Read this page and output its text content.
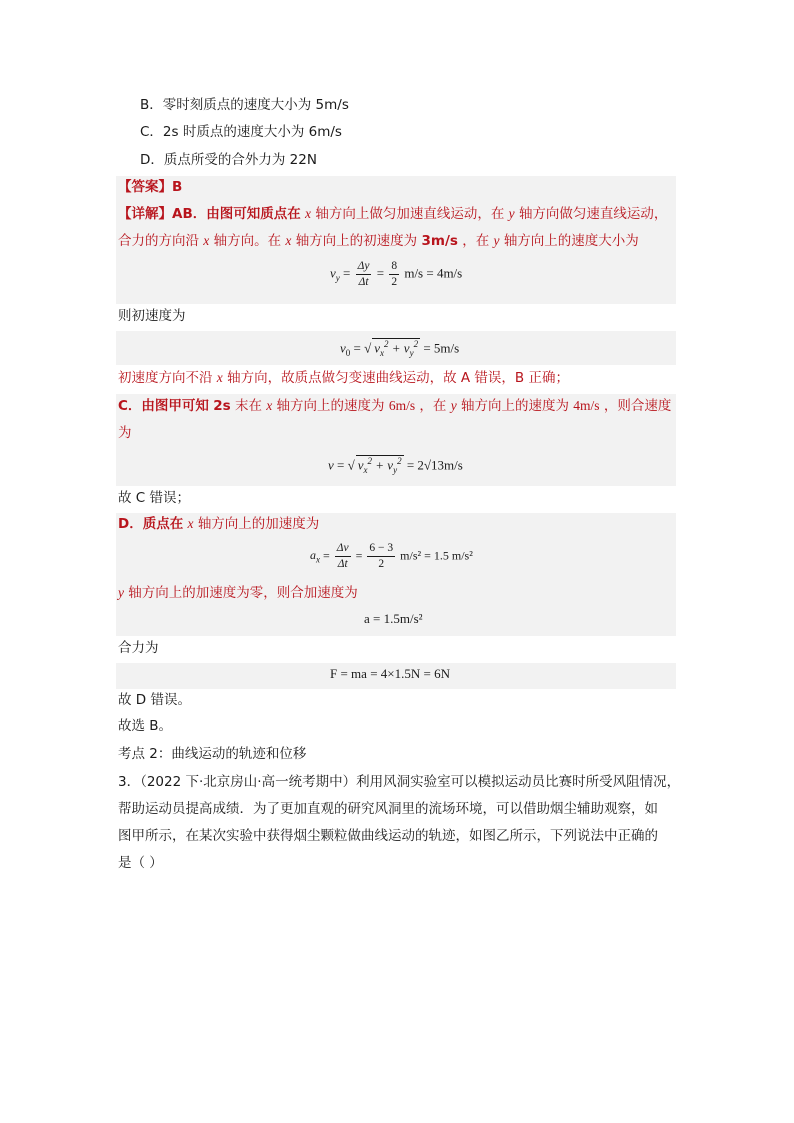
B．零时刻质点的速度大小为 5m/s
C．2s 时质点的速度大小为 6m/s
D．质点所受的合外力为 22N
【答案】B
【详解】AB．由图可知质点在 x 轴方向上做匀加速直线运动，在 y 轴方向做匀速直线运动，
合力的方向沿 x 轴方向。在 x 轴方向上的初速度为 3m/s ，在 y 轴方向上的速度大小为
$v_y = \frac{\Delta y}{\Delta t} = \frac{8}{2} m/s = 4m/s$
则初速度为
$v_0$ = √ $v_x^2 + v_y^2 = 5m/s$
初速度方向不沿 x 轴方向，故质点做匀变速曲线运动，故 A 错误，B 正确；
C．由图甲可知 2s 末在 x 轴方向上的速度为 6m/s ，在 y 轴方向上的速度为 4m/s ，则合速度
为
v = √ $v_x^2 + v_y^2 = 2√13m/s$
故 C 错误；
D．质点在 x 轴方向上的加速度为
$a_x = \frac{\Delta v}{\Delta t} = \frac{6 - 3}{2} m/s^2 = 1.5$ m/s²
y 轴方向上的加速度为零，则合加速度为
a = 1.5m/s²
合力为
F = ma = 4×1.5N = 6N
故 D 错误。
故选 B。
考点 2：曲线运动的轨迹和位移
3．（2022 下·北京房山·高一统考期中）利用风洞实验室可以模拟运动员比赛时所受风阻情况，
帮助运动员提高成绩．为了更加直观的研究风洞里的流场环境，可以借助烟尘辅助观察，如
图甲所示，在某次实验中获得烟尘颗粒做曲线运动的轨迹，如图乙所示，下列说法中正确的
是（ ）
